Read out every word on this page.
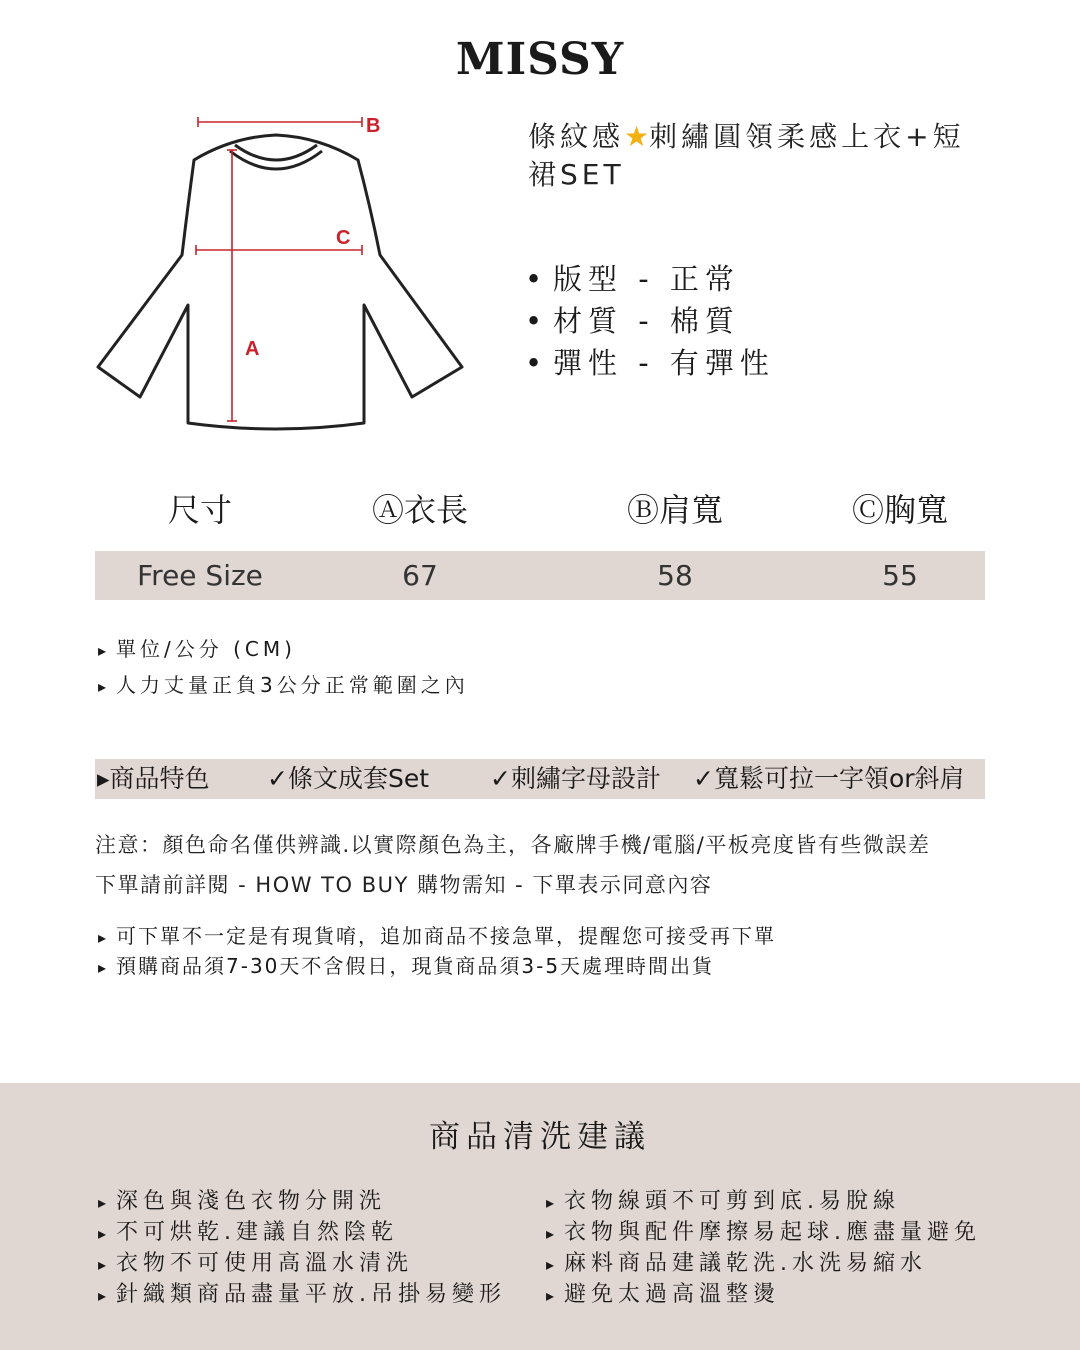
MISSY
B
C
A
條紋感★刺繡圓領柔感上衣+短
裙SET
• 版型 - 正常
• 材質 - 棉質
• 彈性 - 有彈性
尺寸	Ⓐ衣長	Ⓑ肩寬	Ⓒ胸寬
Free Size	67	58	55
▸ 單位/公分 (CM)
▸ 人力丈量正負3公分正常範圍之內
▸商品特色 ✓條文成套Set ✓刺繡字母設計 ✓寬鬆可拉一字領or斜肩
注意：顏色命名僅供辨識.以實際顏色為主，各廠牌手機/電腦/平板亮度皆有些微誤差
下單請前詳閱 - HOW TO BUY 購物需知 - 下單表示同意內容
▸ 可下單不一定是有現貨唷，追加商品不接急單，提醒您可接受再下單
▸ 預購商品須7-30天不含假日，現貨商品須3-5天處理時間出貨
商品清洗建議
▸ 深色與淺色衣物分開洗
▸ 不可烘乾.建議自然陰乾
▸ 衣物不可使用高溫水清洗
▸ 針織類商品盡量平放.吊掛易變形
▸ 衣物線頭不可剪到底.易脫線
▸ 衣物與配件摩擦易起球.應盡量避免
▸ 麻料商品建議乾洗.水洗易縮水
▸ 避免太過高溫整燙
